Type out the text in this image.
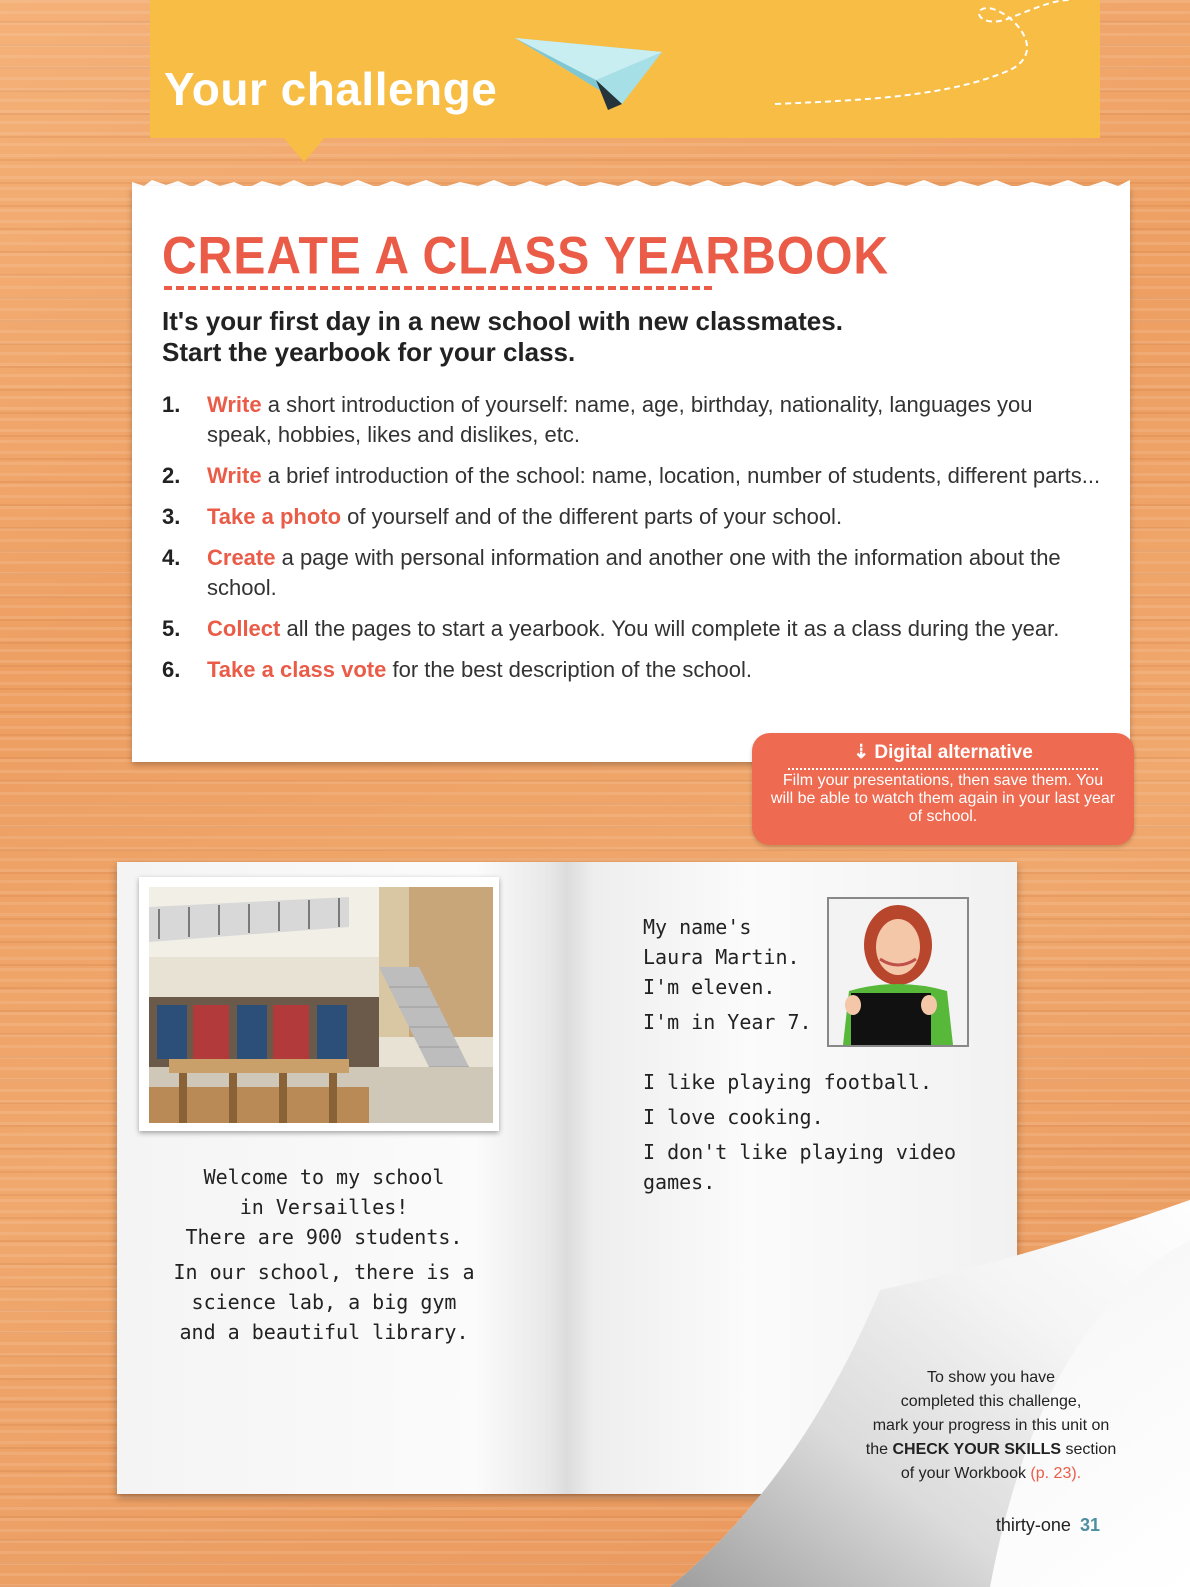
Your challenge
CREATE A CLASS YEARBOOK
It's your first day in a new school with new classmates.
Start the yearbook for your class.
1.	Write a short introduction of yourself: name, age, birthday, nationality, languages you speak, hobbies, likes and dislikes, etc.
2.	Write a brief introduction of the school: name, location, number of students, different parts...
3.	Take a photo of yourself and of the different parts of your school.
4.	Create a page with personal information and another one with the information about the school.
5.	Collect all the pages to start a yearbook. You will complete it as a class during the year.
6.	Take a class vote for the best description of the school.
⇣ Digital alternative
Film your presentations, then save them. You will be able to watch them again in your last year of school.
Welcome to my school
in Versailles!

There are 900 students.

In our school, there is a
science lab, a big gym
and a beautiful library.
My name's
Laura Martin.

I'm eleven.

I'm in Year 7.

I like playing football.

I love cooking.

I don't like playing video
games.
To show you have
completed this challenge,
mark your progress in this unit on
the CHECK YOUR SKILLS section
of your Workbook (p. 23).
thirty-one 31
